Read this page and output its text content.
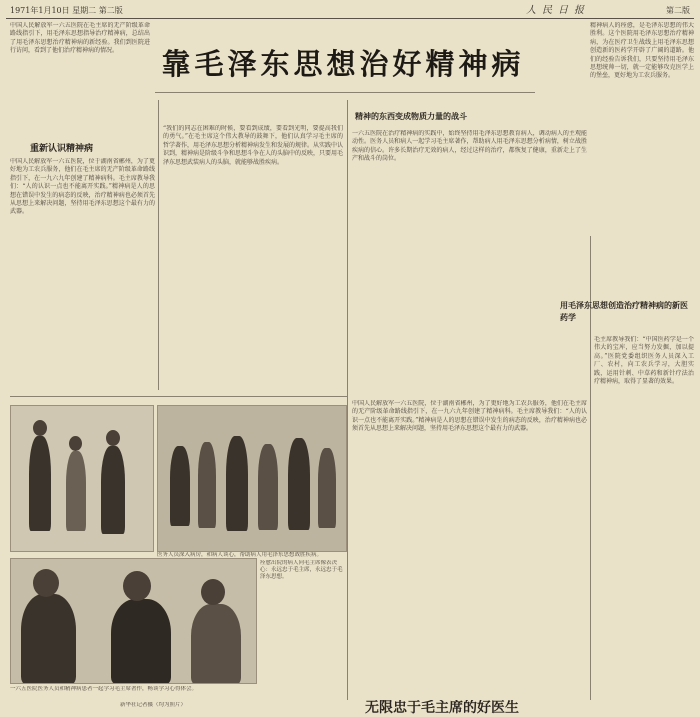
1971年1月10日 星期二 第二版	人民日报	第二版

中国人民解放军一六五医院在毛主席的无产阶级革命路线指引下，用毛泽东思想指导治疗精神病，总结出了用毛泽东思想治疗精神病的新经验。我们到医院进行访问，看到了他们治疗精神病的情况。	靠毛泽东思想治好精神病

精神病人的痊愈，是毛泽东思想的伟大胜利。这个医院用毛泽东思想治疗精神病，为在医疗卫生战线上用毛泽东思想创造新的医药学开辟了广阔的道路。他们的经验告诉我们，只要坚持用毛泽东思想统帅一切，就一定能够攻克医学上的堡垒，更好地为工农兵服务。

重新认识精神病
精神的东西变成物质力量的战斗

中国人民解放军一六五医院，位于湖南省郴州，为了更好地为工农兵服务，他们在毛主席的无产阶级革命路线指引下，在一九六九年创建了精神病科。毛主席教导我们：“人的认识一点也不能离开实践。”精神病是人的思想在错误中发生的病态的反映，治疗精神病也必须首先从思想上来解决问题，坚持用毛泽东思想这个最有力的武器。

“我们的同志在困难的时候，要看到成绩，要看到光明，要提高我们的勇气。”在毛主席这个伟大教导的鼓舞下，他们认真学习毛主席的哲学著作，用毛泽东思想分析精神病发生和发展的规律。从实践中认识到，精神病是阶级斗争和思想斗争在人的头脑中的反映，只要用毛泽东思想武装病人的头脑，就能够战胜疾病。

一六五医院在治疗精神病的实践中，始终坚持用毛泽东思想教育病人，调动病人的主观能动性。医务人员和病人一起学习毛主席著作，帮助病人用毛泽东思想分析病情，树立战胜疾病的信心。许多长期治疗无效的病人，经过这样的治疗，都恢复了健康，重新走上了生产和战斗的岗位。

用毛泽东思想创造治疗精神病的新医药学

毛主席教导我们：“中国医药学是一个伟大的宝库，应当努力发掘，加以提高。”医院党委组织医务人员深入工厂、农村，向工农兵学习，大胆实践，运用针刺、中草药和新针疗法治疗精神病，取得了显著的效果。

中国人民解放军一六五医院，位于湖南省郴州，为了更好地为工农兵服务，他们在毛主席的无产阶级革命路线指引下，在一九六九年创建了精神病科。毛主席教导我们：“人的认识一点也不能离开实践。”精神病是人的思想在错误中发生的病态的反映，治疗精神病也必须首先从思想上来解决问题，坚持用毛泽东思想这个最有力的武器。

痊愈出院的病人向毛主席像表决心：永远忠于毛主席，永远忠于毛泽东思想。
一六五医院医务人员和精神病患者一起学习毛主席著作，畅谈学习心得体会。
新华社记者摄（均为照片）
医务人员深入病房，和病人谈心，帮助病人用毛泽东思想战胜疾病。
无限忠于毛主席的好医生
